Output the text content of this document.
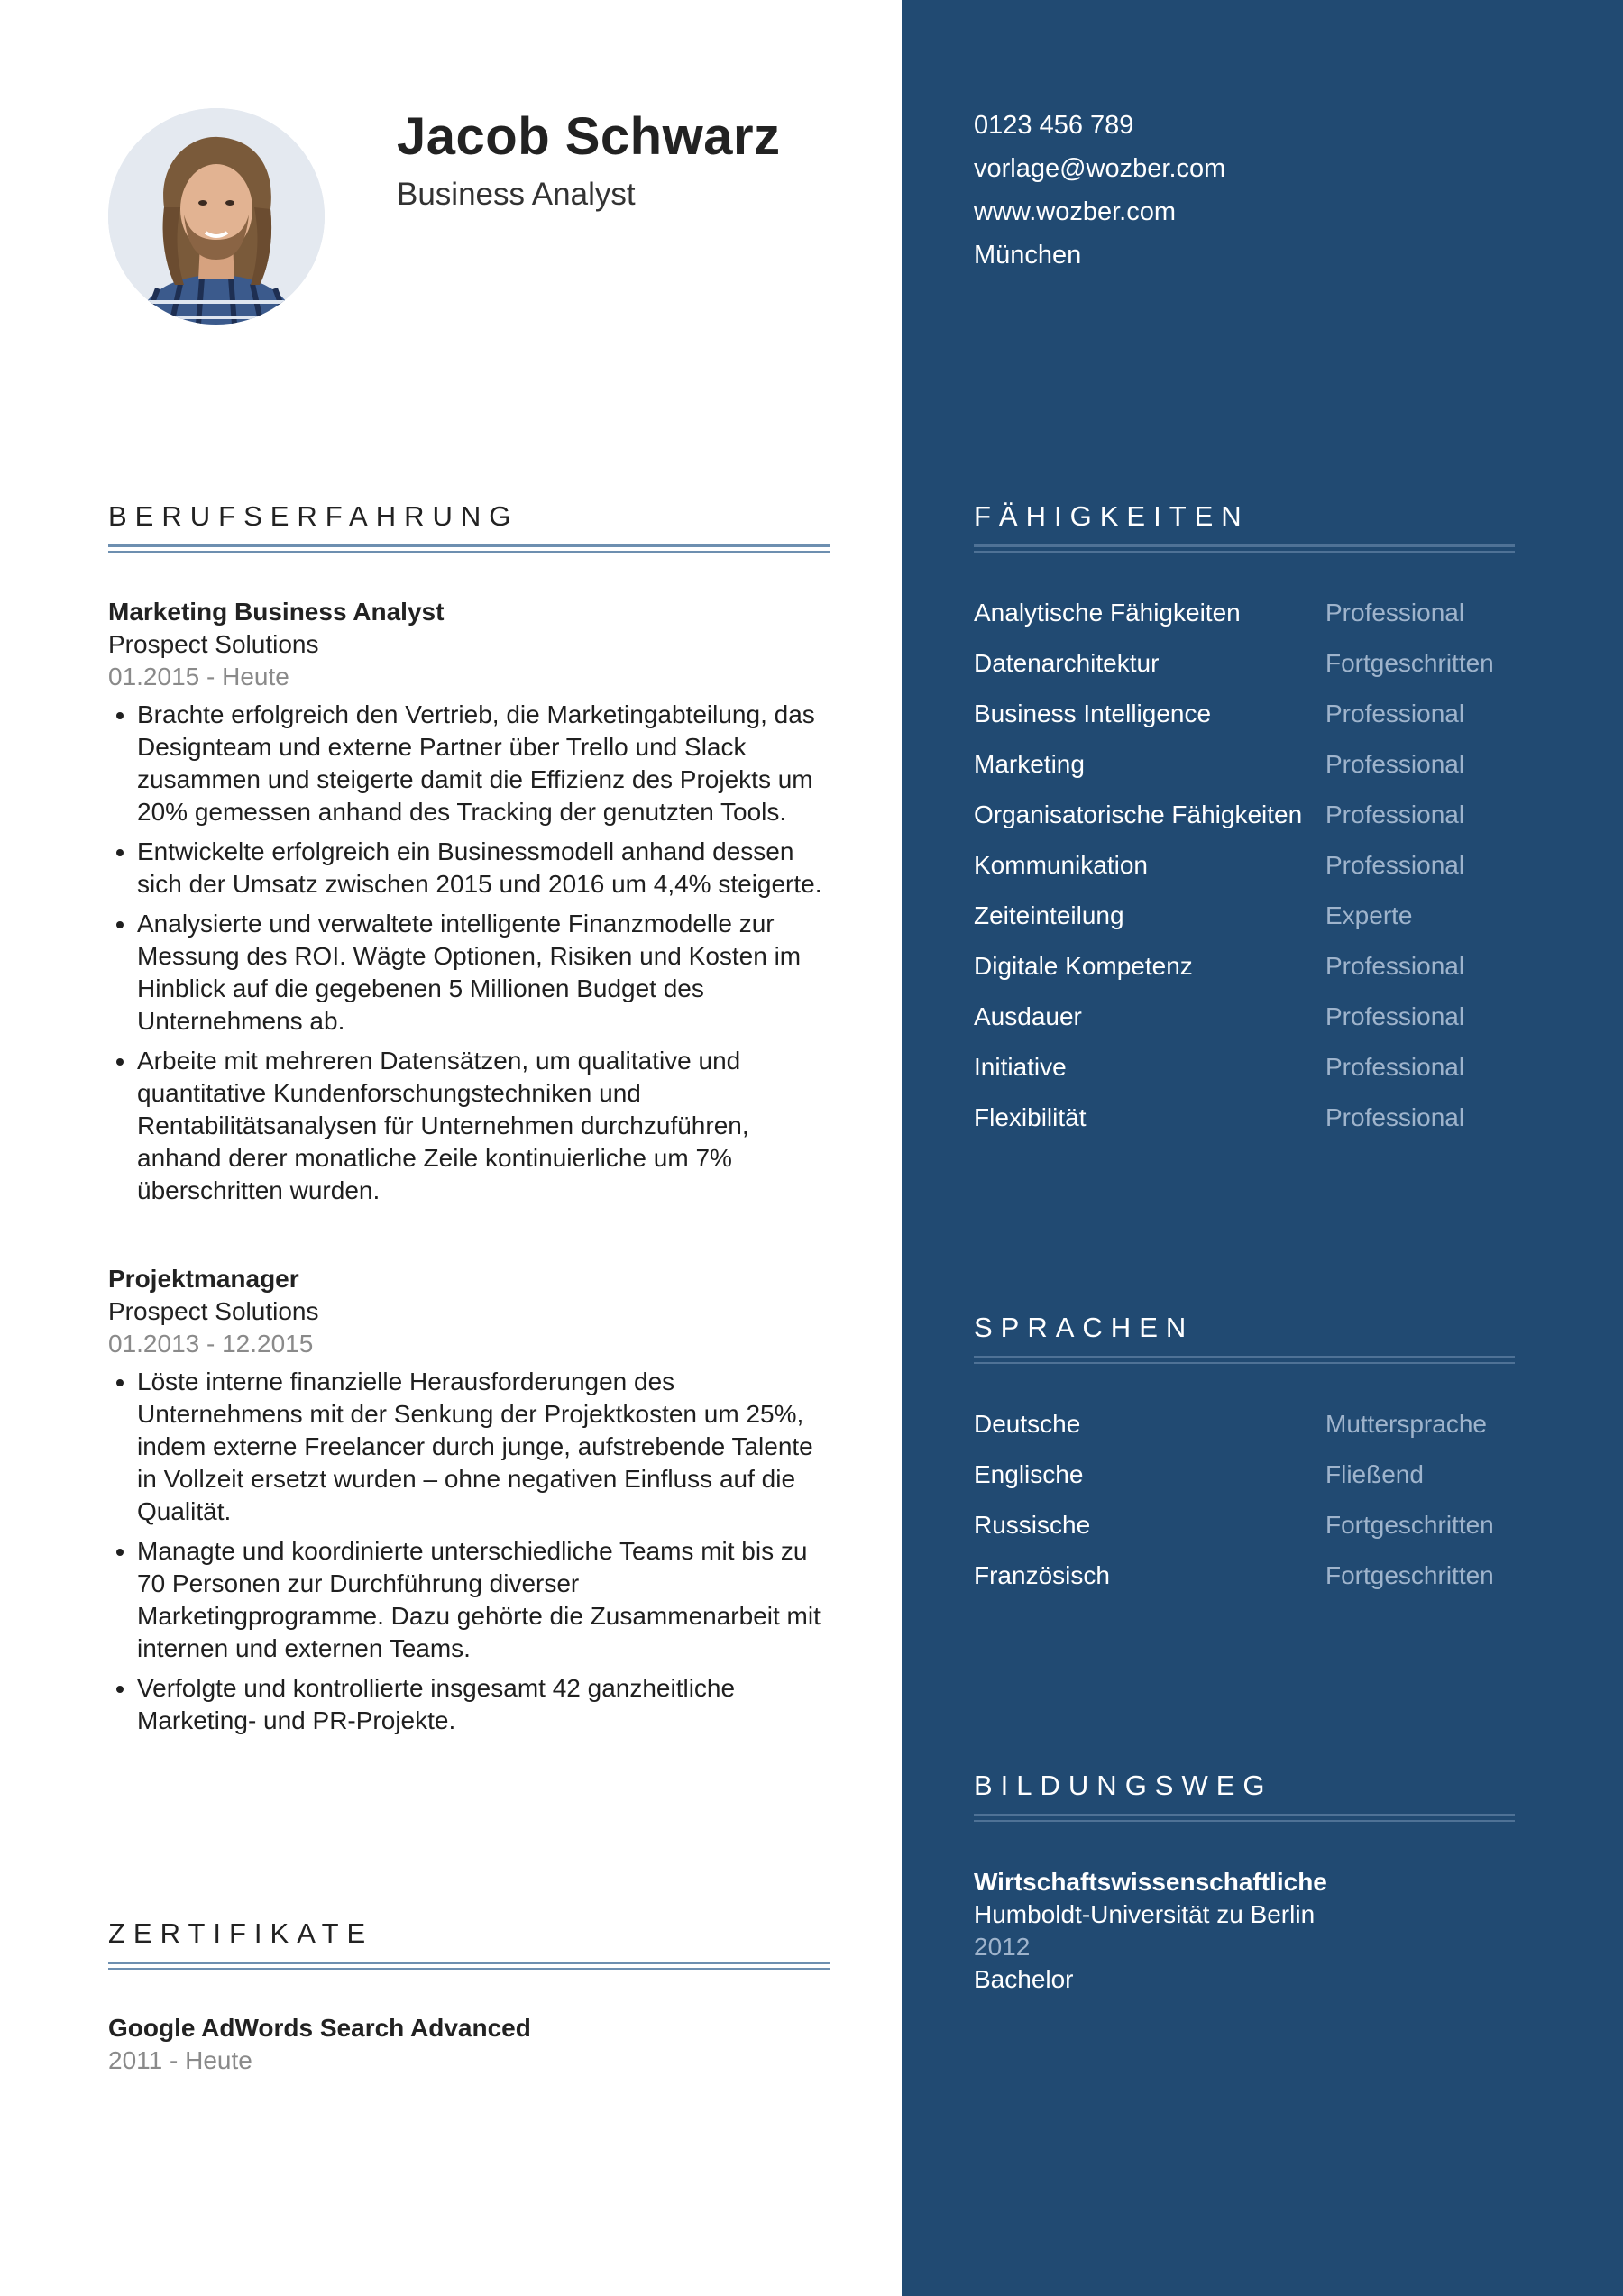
Jacob Schwarz
Business Analyst
BERUFSERFAHRUNG
Marketing Business Analyst
Prospect Solutions
01.2015 - Heute
• Brachte erfolgreich den Vertrieb, die Marketingabteilung, das Designteam und externe Partner über Trello und Slack zusammen und steigerte damit die Effizienz des Projekts um 20% gemessen anhand des Tracking der genutzten Tools.
• Entwickelte erfolgreich ein Businessmodell anhand dessen sich der Umsatz zwischen 2015 und 2016 um 4,4% steigerte.
• Analysierte und verwaltete intelligente Finanzmodelle zur Messung des ROI. Wägte Optionen, Risiken und Kosten im Hinblick auf die gegebenen 5 Millionen Budget des Unternehmens ab.
• Arbeite mit mehreren Datensätzen, um qualitative und quantitative Kundenforschungstechniken und Rentabilitätsanalysen für Unternehmen durchzuführen, anhand derer monatliche Zeile kontinuierliche um 7% überschritten wurden.
Projektmanager
Prospect Solutions
01.2013 - 12.2015
• Löste interne finanzielle Herausforderungen des Unternehmens mit der Senkung der Projektkosten um 25%, indem externe Freelancer durch junge, aufstrebende Talente in Vollzeit ersetzt wurden – ohne negativen Einfluss auf die Qualität.
• Managte und koordinierte unterschiedliche Teams mit bis zu 70 Personen zur Durchführung diverser Marketingprogramme. Dazu gehörte die Zusammenarbeit mit internen und externen Teams.
• Verfolgte und kontrollierte insgesamt 42 ganzheitliche Marketing- und PR-Projekte.
ZERTIFIKATE
Google AdWords Search Advanced
2011 - Heute
0123 456 789
vorlage@wozber.com
www.wozber.com
München
FÄHIGKEITEN
Analytische Fähigkeiten	Professional
Datenarchitektur	Fortgeschritten
Business Intelligence	Professional
Marketing	Professional
Organisatorische Fähigkeiten Professional
Kommunikation	Professional
Zeiteinteilung	Experte
Digitale Kompetenz	Professional
Ausdauer	Professional
Initiative	Professional
Flexibilität	Professional
SPRACHEN
Deutsche	Muttersprache
Englische	Fließend
Russische	Fortgeschritten
Französisch	Fortgeschritten
BILDUNGSWEG
Wirtschaftswissenschaftliche
Humboldt-Universität zu Berlin
2012
Bachelor
